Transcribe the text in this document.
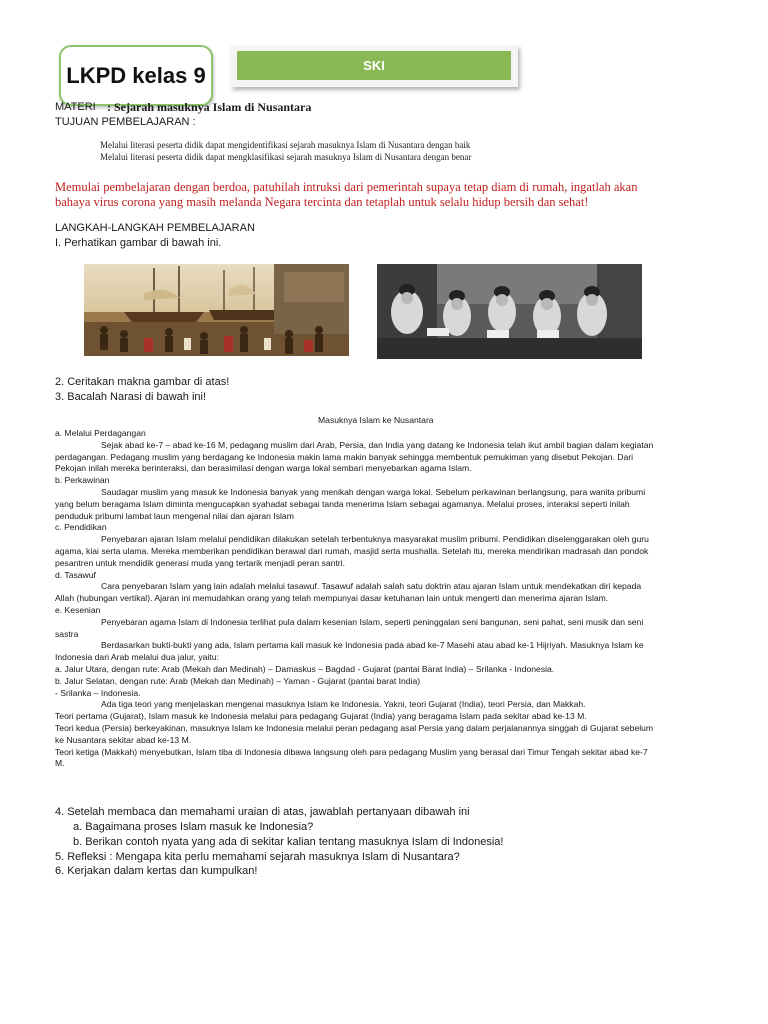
LKPD kelas 9	SKI
MATERI : Sejarah masuknya Islam di Nusantara
TUJUAN PEMBELAJARAN :
Melalui literasi peserta didik dapat mengidentifikasi sejarah masuknya Islam di Nusantara dengan baik
Melalui literasi peserta didik dapat mengklasifikasi sejarah masuknya Islam di Nusantara dengan benar
Memulai pembelajaran dengan berdoa, patuhilah intruksi dari pemerintah supaya tetap diam di rumah, ingatlah akan
bahaya virus corona yang masih melanda Negara tercinta dan tetaplah untuk selalu hidup bersih dan sehat!
LANGKAH-LANGKAH PEMBELAJARAN
I. Perhatikan gambar di bawah ini.
2. Ceritakan makna gambar di atas!
3. Bacalah Narasi di bawah ini!
Masuknya Islam ke Nusantara
a. Melalui Perdagangan
Sejak abad ke-7 – abad ke-16 M, pedagang muslim dari Arab, Persia, dan India yang datang ke Indonesia telah ikut ambil bagian dalam kegiatan
perdagangan. Pedagang muslim yang berdagang ke Indonesia makin lama makin banyak sehingga membentuk pemukiman yang disebut Pekojan. Dari
Pekojan inilah mereka berinteraksi, dan berasimilasi dengan warga lokal sembari menyebarkan agama Islam.
b. Perkawinan
Saudagar muslim yang masuk ke Indonesia banyak yang menikah dengan warga lokal. Sebelum perkawinan berlangsung, para wanita pribumi
yang belum beragama Islam diminta mengucapkan syahadat sebagai tanda menerima Islam sebagai agamanya. Melalui proses, interaksi seperti inilah
penduduk pribumi lambat laun mengenal nilai dan ajaran Islam
c. Pendidikan
Penyebaran ajaran Islam melalui pendidikan dilakukan setelah terbentuknya masyarakat muslim pribumi. Pendidikan diselenggarakan oleh guru
agama, kiai serta ulama. Mereka memberikan pendidikan berawal dari rumah, masjid serta mushalla. Setelah itu, mereka mendirikan madrasah dan pondok
pesantren untuk mendidik generasi muda yang tertarik menjadi peran santri.
d. Tasawuf
Cara penyebaran Islam yang lain adalah melalui tasawuf. Tasawuf adalah salah satu doktrin atau ajaran Islam untuk mendekatkan diri kepada
Allah (hubungan vertikal). Ajaran ini memudahkan orang yang telah mempunyai dasar ketuhanan lain untuk mengerti dan menerima ajaran Islam.
e. Kesenian
Penyebaran agama Islam di Indonesia terlihat pula dalam kesenian Islam, seperti peninggalan seni bangunan, seni pahat, seni musik dan seni
sastra
Berdasarkan bukti-bukti yang ada, Islam pertama kali masuk ke Indonesia pada abad ke-7 Masehi atau abad ke-1 Hijriyah. Masuknya Islam ke
Indonesia dari Arab melalui dua jalur, yaitu:
a. Jalur Utara, dengan rute: Arab (Mekah dan Medinah) – Damaskus – Bagdad - Gujarat (pantai Barat India) – Srilanka - Indonesia.
b. Jalur Selatan, dengan rute: Arab (Mekah dan Medinah) – Yaman - Gujarat (pantai barat India)
- Srilanka – Indonesia.
Ada tiga teori yang menjelaskan mengenai masuknya Islam ke Indonesia. Yakni, teori Gujarat (India), teori Persia, dan Makkah.
Teori pertama (Gujarat), Islam masuk ke Indonesia melalui para pedagang Gujarat (India) yang beragama Islam pada sekitar abad ke-13 M.
Teori kedua (Persia) berkeyakinan, masuknya Islam ke Indonesia melalui peran pedagang asal Persia yang dalam perjalanannya singgah di Gujarat sebelum
ke Nusantara sekitar abad ke-13 M.
Teori ketiga (Makkah) menyebutkan, Islam tiba di Indonesia dibawa langsung oleh para pedagang Muslim yang berasal dari Timur Tengah sekitar abad ke-7
M.
4. Setelah membaca dan memahami uraian di atas, jawablah pertanyaan dibawah ini
a. Bagaimana proses Islam masuk ke Indonesia?
b. Berikan contoh nyata yang ada di sekitar kalian tentang masuknya Islam di Indonesia!
5. Refleksi : Mengapa kita perlu memahami sejarah masuknya Islam di Nusantara?
6. Kerjakan dalam kertas dan kumpulkan!
